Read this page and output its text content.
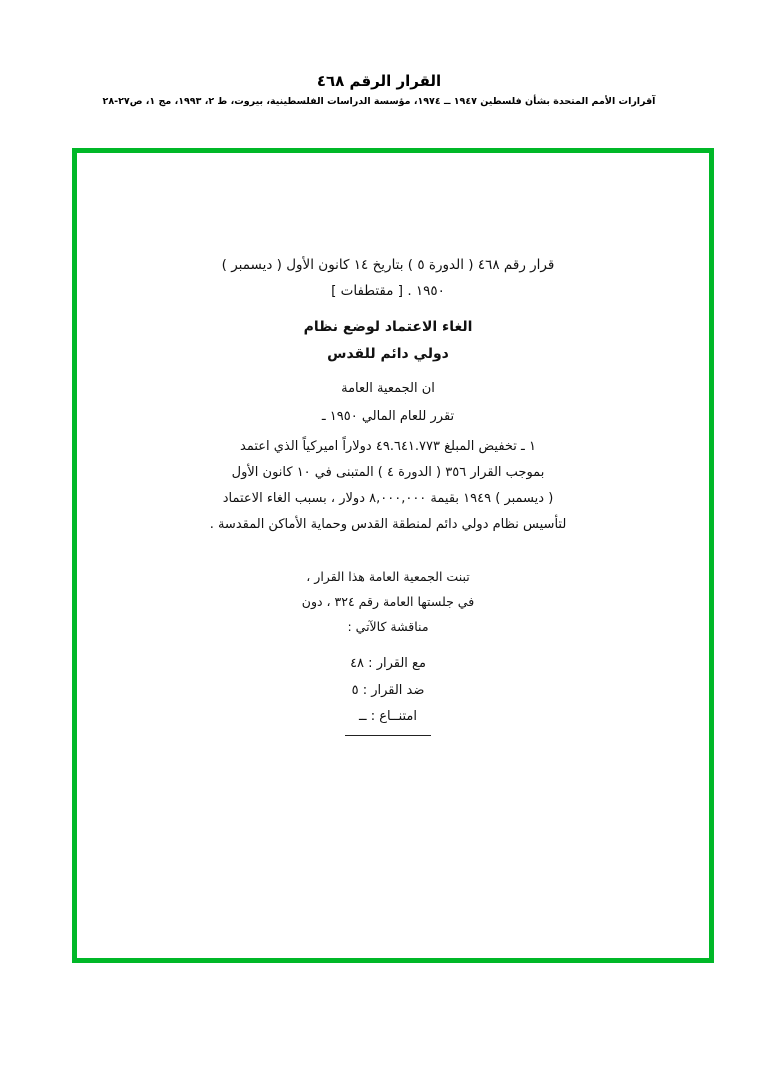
القرار الرقم ٤٦٨
آقرارات الأمم المتحدة بشأن فلسطين ١٩٤٧ ــ ١٩٧٤، مؤسسة الدراسات الفلسطينية، بيروت، ط ٢، ١٩٩٣، مج ١، ص٢٧-٢٨
قرار رقم ٤٦٨ ( الدورة ٥ ) بتاريخ ١٤ كانون الأول ( ديسمبر )
١٩٥٠ . [ مقتطفات ]
الغاء الاعتماد لوضع نظام
دولي دائم للقدس
ان الجمعية العامة
تقرر للعام المالي ١٩٥٠ ـ
١ ـ تخفيض المبلغ ٤٩.٦٤١.٧٧٣ دولاراً اميركياً الذي اعتمد
بموجب القرار ٣٥٦ ( الدورة ٤ ) المتبنى في ١٠ كانون الأول
( ديسمبر ) ١٩٤٩ بقيمة ٨,٠٠٠,٠٠٠ دولار ، بسبب الغاء الاعتماد
لتأسيس نظام دولي دائم لمنطقة القدس وحماية الأماكن المقدسة .
تبنت الجمعية العامة هذا القرار ،
في جلستها العامة رقم ٣٢٤ ، دون
مناقشة كالآتي :
مع القرار : ٤٨
ضد القرار : ٥
امتنــاع : ــ
